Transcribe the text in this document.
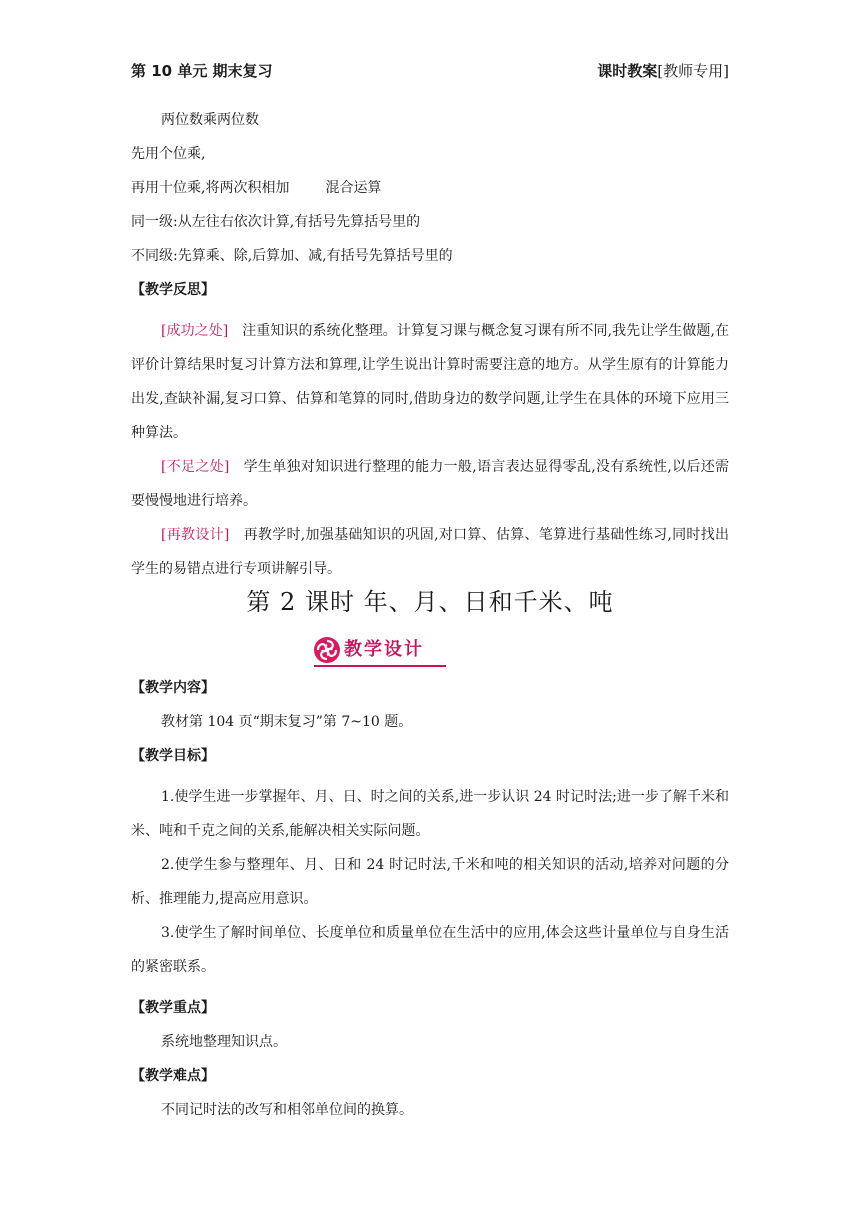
第 10 单元 期末复习	课时教案[教师专用]
两位数乘两位数
先用个位乘,
再用十位乘,将两次积相加	混合运算
同一级:从左往右依次计算,有括号先算括号里的
不同级:先算乘、除,后算加、减,有括号先算括号里的
【教学反思】

[成功之处] 注重知识的系统化整理。计算复习课与概念复习课有所不同,我先让学生做题,在评价计算结果时复习计算方法和算理,让学生说出计算时需要注意的地方。从学生原有的计算能力出发,查缺补漏,复习口算、估算和笔算的同时,借助身边的数学问题,让学生在具体的环境下应用三种算法。

[不足之处] 学生单独对知识进行整理的能力一般,语言表达显得零乱,没有系统性,以后还需要慢慢地进行培养。

[再教设计] 再教学时,加强基础知识的巩固,对口算、估算、笔算进行基础性练习,同时找出学生的易错点进行专项讲解引导。

第 2 课时 年、月、日和千米、吨
教学设计
【教学内容】
教材第 104 页“期末复习”第 7~10 题。
【教学目标】

1.使学生进一步掌握年、月、日、时之间的关系,进一步认识 24 时记时法;进一步了解千米和米、吨和千克之间的关系,能解决相关实际问题。

2.使学生参与整理年、月、日和 24 时记时法,千米和吨的相关知识的活动,培养对问题的分析、推理能力,提高应用意识。

3.使学生了解时间单位、长度单位和质量单位在生活中的应用,体会这些计量单位与自身生活的紧密联系。

【教学重点】
系统地整理知识点。
【教学难点】
不同记时法的改写和相邻单位间的换算。
